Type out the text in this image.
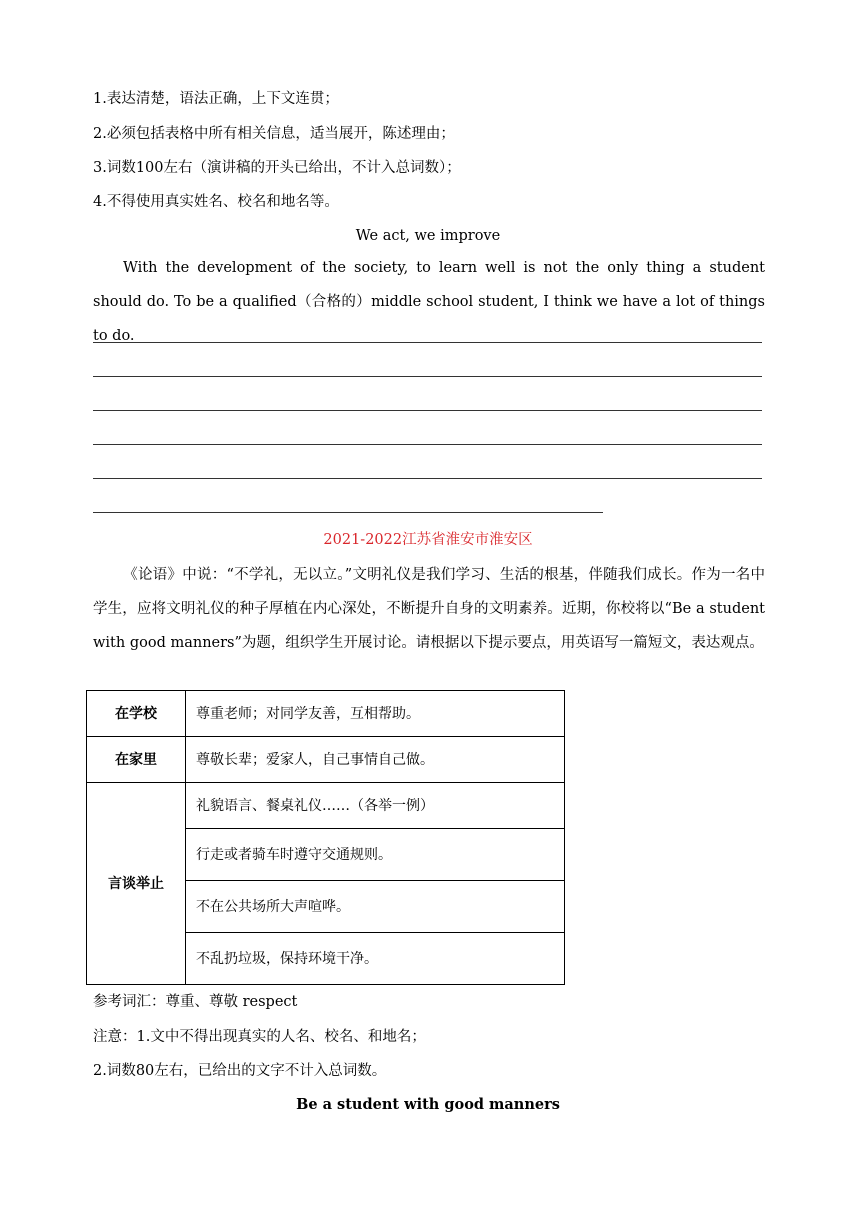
1.表达清楚，语法正确，上下文连贯；
2.必须包括表格中所有相关信息，适当展开，陈述理由；
3.词数100左右（演讲稿的开头已给出，不计入总词数）；
4.不得使用真实姓名、校名和地名等。
We act, we improve
With the development of the society, to learn well is not the only thing a student should do. To be a qualified（合格的）middle school student, I think we have a lot of things to do.
2021-2022江苏省淮安市淮安区
《论语》中说：“不学礼，无以立。”文明礼仪是我们学习、生活的根基，伴随我们成长。作为一名中学生，应将文明礼仪的种子厚植在内心深处，不断提升自身的文明素养。近期，你校将以“Be a student with good manners”为题，组织学生开展讨论。请根据以下提示要点，用英语写一篇短文，表达观点。
在学校	尊重老师；对同学友善，互相帮助。
在家里	尊敬长辈；爱家人，自己事情自己做。
言谈举止	礼貌语言、餐桌礼仪……（各举一例）
	行走或者骑车时遵守交通规则。
	不在公共场所大声喧哗。
	不乱扔垃圾，保持环境干净。
参考词汇：尊重、尊敬 respect
注意：1.文中不得出现真实的人名、校名、和地名；
2.词数80左右，已给出的文字不计入总词数。
Be a student with good manners
